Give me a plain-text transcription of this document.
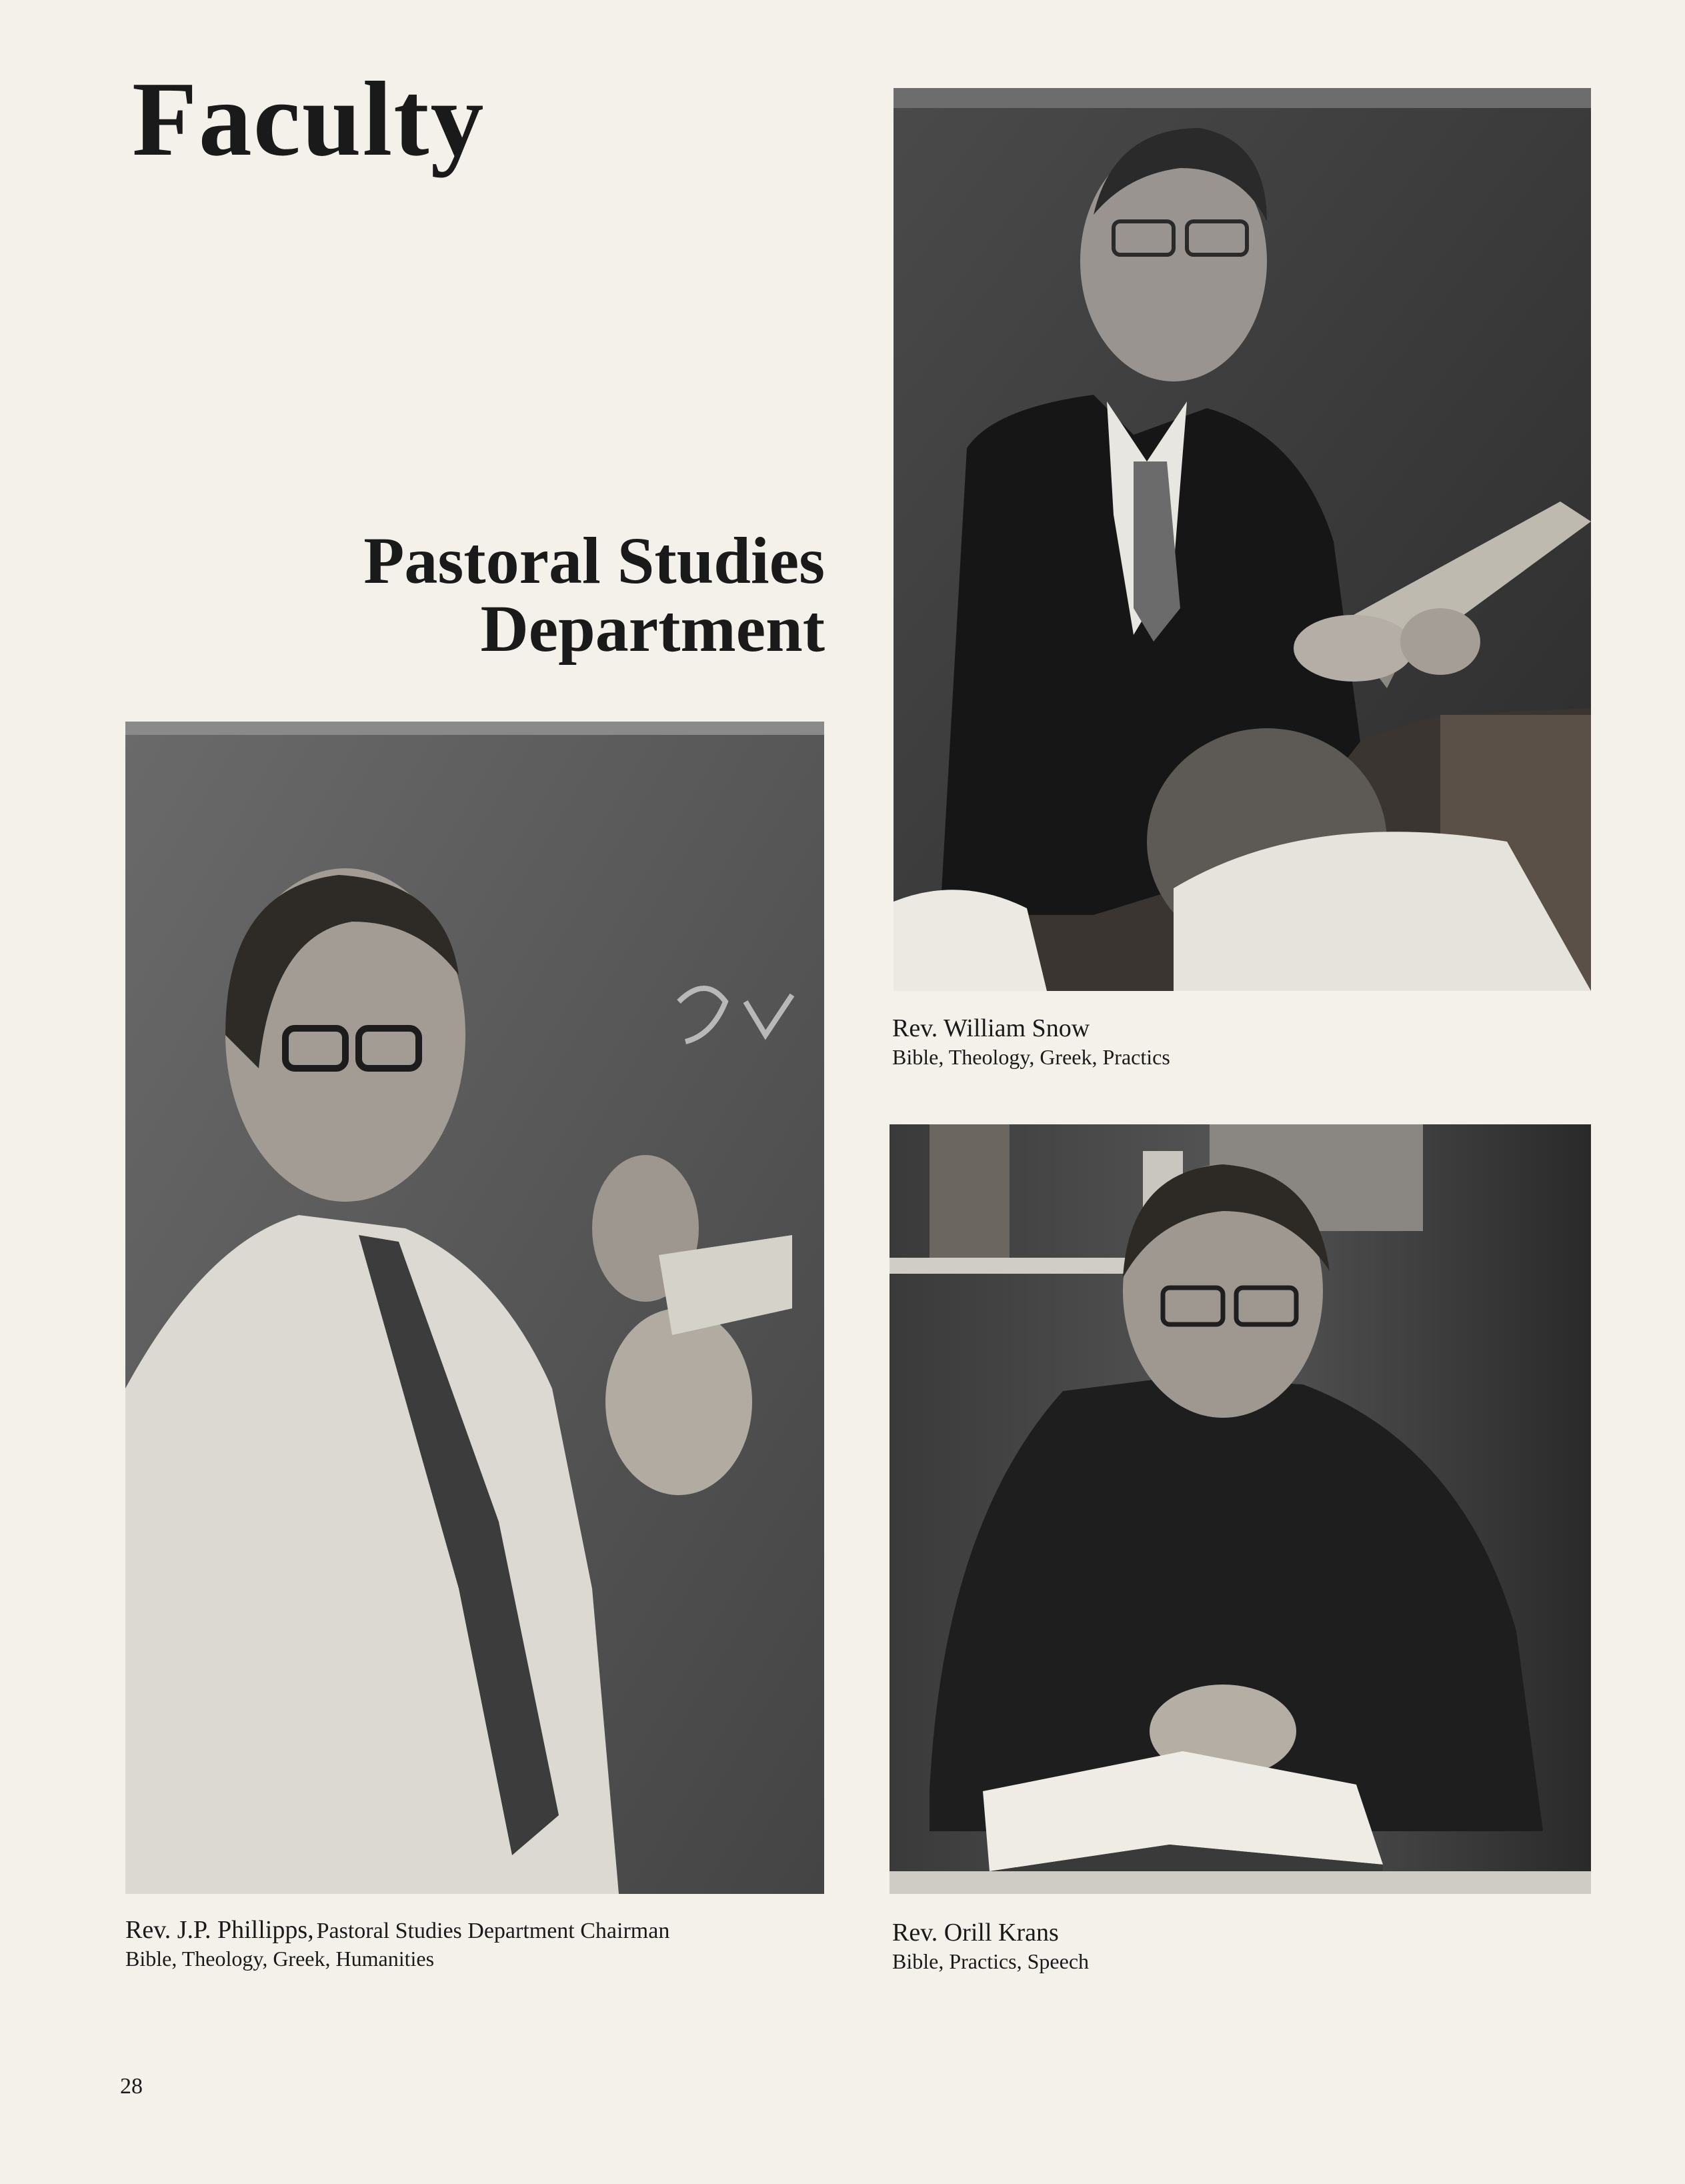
Faculty
Pastoral Studies
Department
Rev. William Snow
Bible, Theology, Greek, Practics
Rev. J.P. Phillipps, Pastoral Studies Department Chairman
Bible, Theology, Greek, Humanities
Rev. Orill Krans
Bible, Practics, Speech
28
